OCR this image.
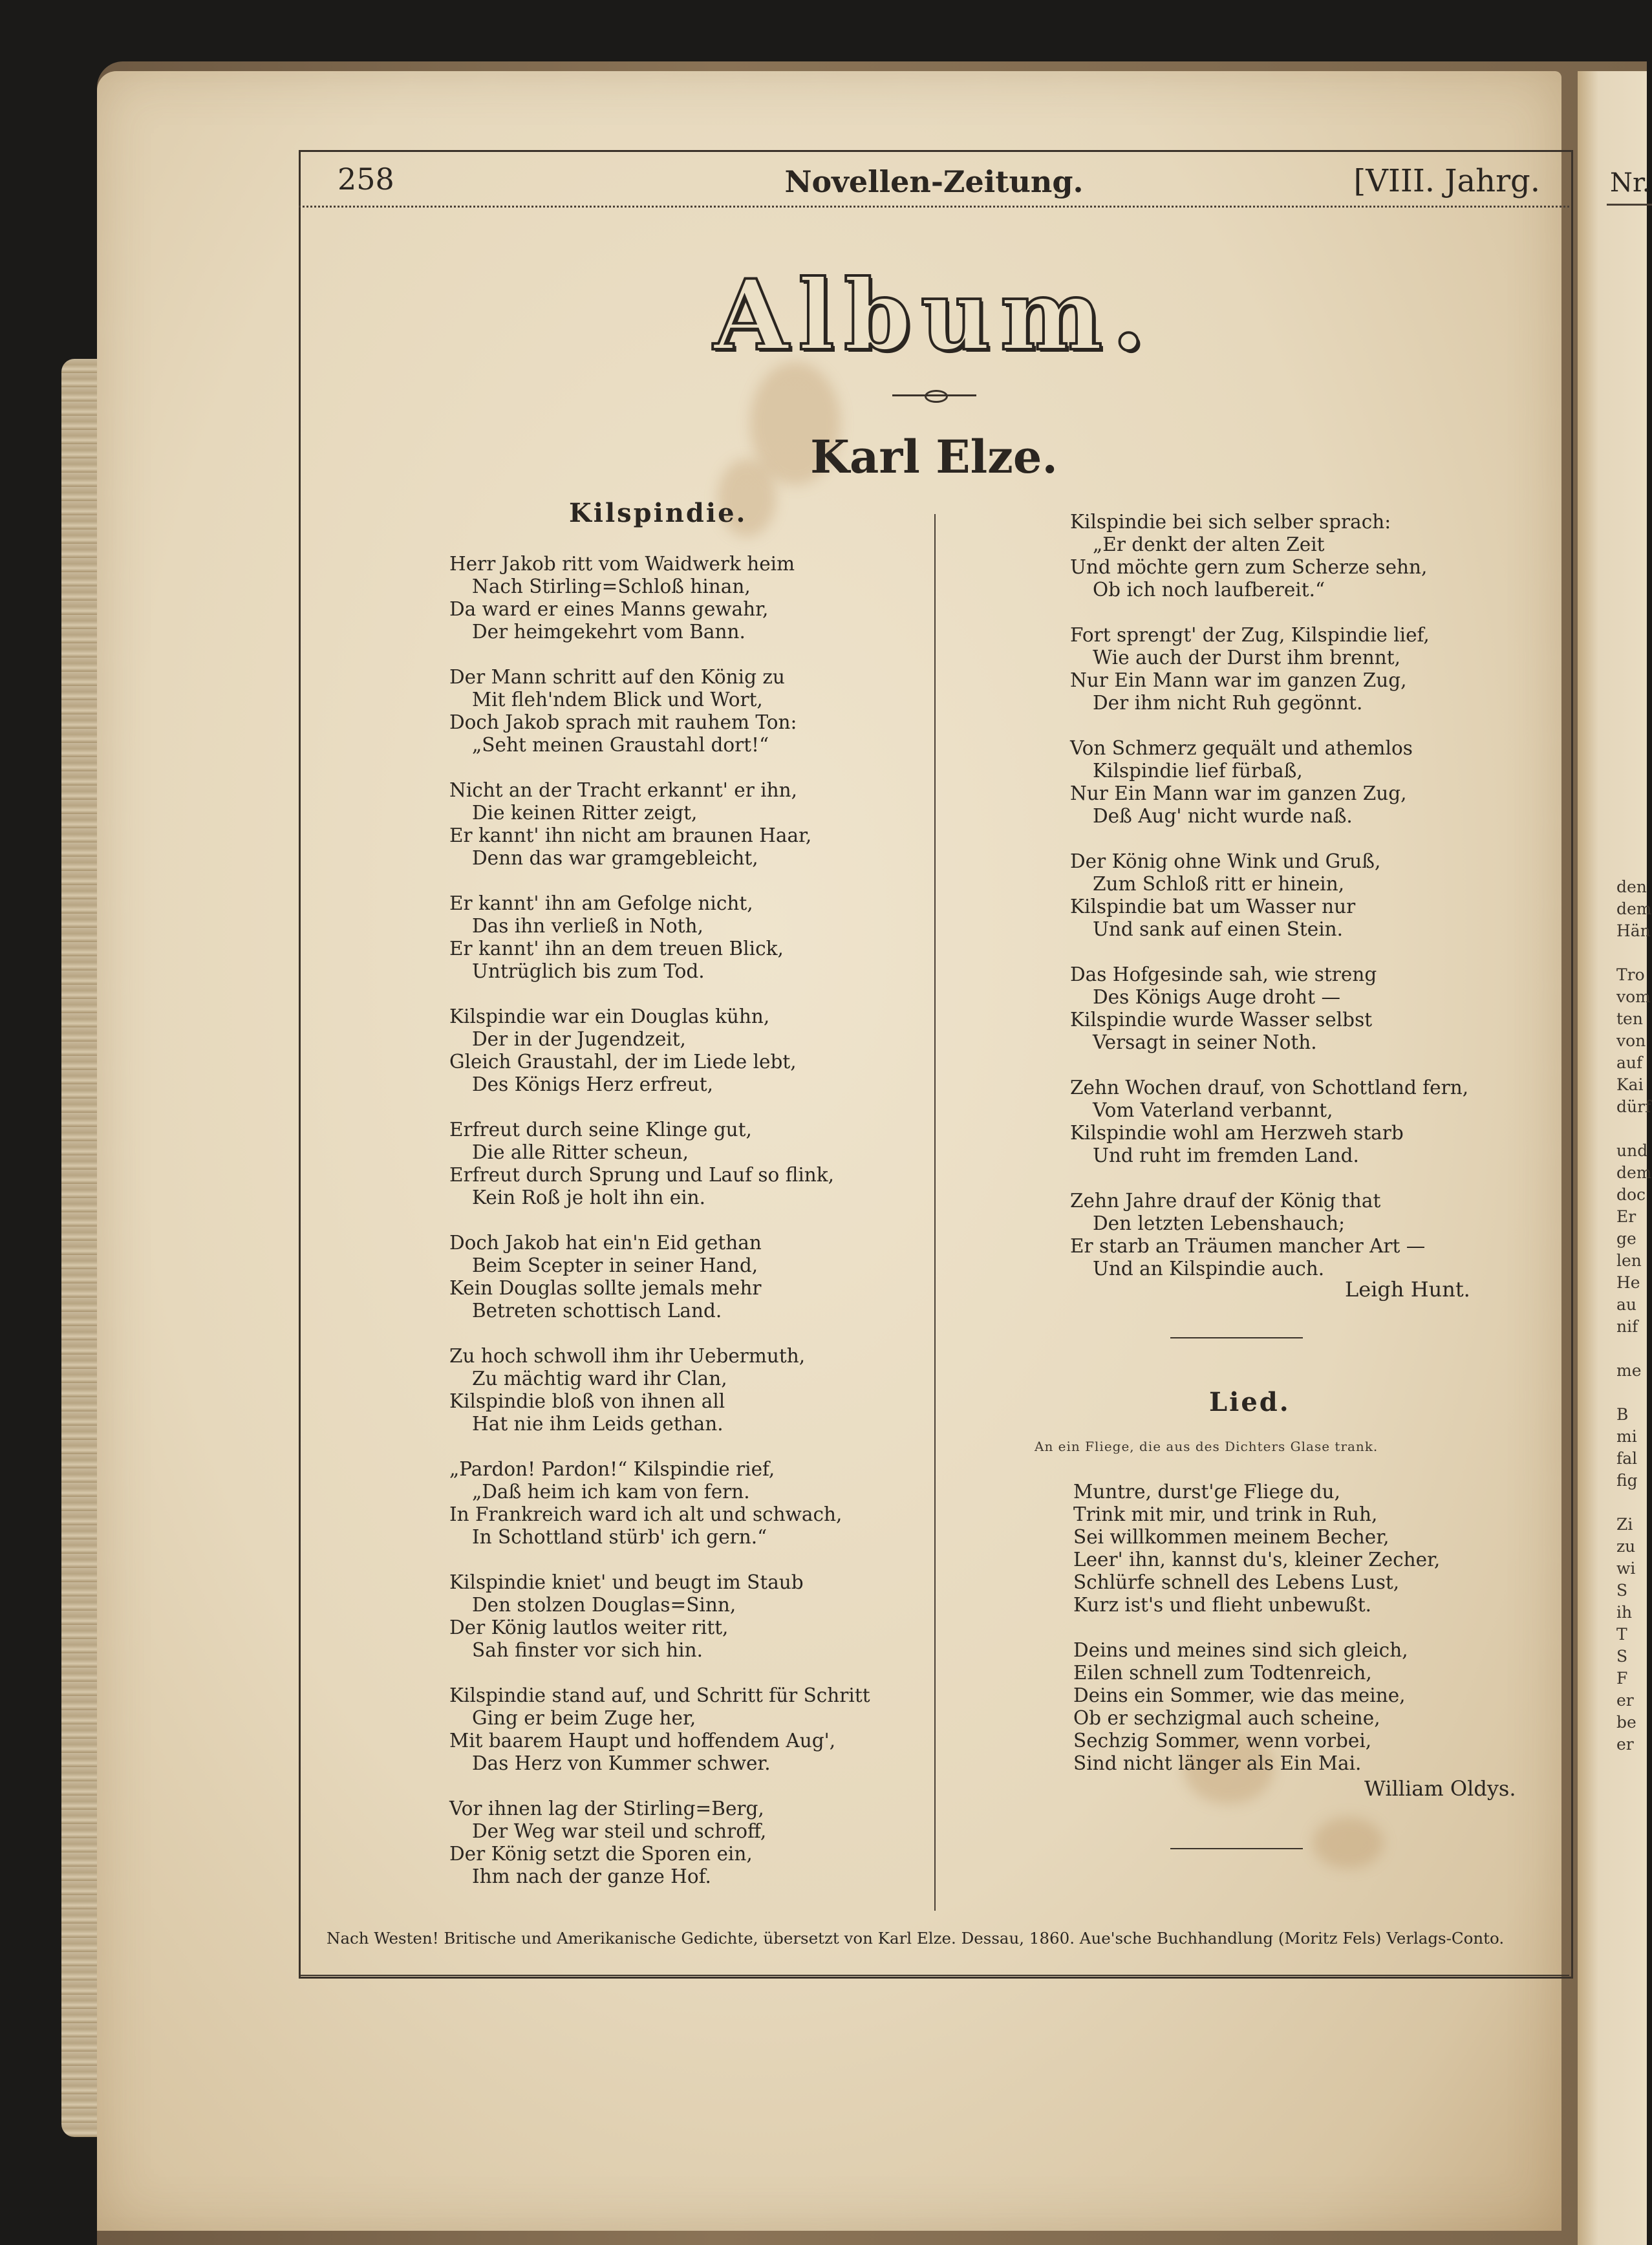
Nr.
den
dem
Hän
Tro
vom
ten
von
auf
Kai
dürf
und
dem
doc
Er
ge
len
He
au
nif
me
B
mi
fal
fig
Zi
zu
wi
S
ih
T
S
F
er
be
er
258	Novellen-Zeitung.	[VIII. Jahrg.
Album.
Karl Elze.
Kilspindie.
Herr Jakob ritt vom Waidwerk heim
Nach Stirling=Schloß hinan,
Da ward er eines Manns gewahr,
Der heimgekehrt vom Bann.
Der Mann schritt auf den König zu
Mit fleh'ndem Blick und Wort,
Doch Jakob sprach mit rauhem Ton:
„Seht meinen Graustahl dort!“
Nicht an der Tracht erkannt' er ihn,
Die keinen Ritter zeigt,
Er kannt' ihn nicht am braunen Haar,
Denn das war gramgebleicht,
Er kannt' ihn am Gefolge nicht,
Das ihn verließ in Noth,
Er kannt' ihn an dem treuen Blick,
Untrüglich bis zum Tod.
Kilspindie war ein Douglas kühn,
Der in der Jugendzeit,
Gleich Graustahl, der im Liede lebt,
Des Königs Herz erfreut,
Erfreut durch seine Klinge gut,
Die alle Ritter scheun,
Erfreut durch Sprung und Lauf so flink,
Kein Roß je holt ihn ein.
Doch Jakob hat ein'n Eid gethan
Beim Scepter in seiner Hand,
Kein Douglas sollte jemals mehr
Betreten schottisch Land.
Zu hoch schwoll ihm ihr Uebermuth,
Zu mächtig ward ihr Clan,
Kilspindie bloß von ihnen all
Hat nie ihm Leids gethan.
„Pardon! Pardon!“ Kilspindie rief,
„Daß heim ich kam von fern.
In Frankreich ward ich alt und schwach,
In Schottland stürb' ich gern.“
Kilspindie kniet' und beugt im Staub
Den stolzen Douglas=Sinn,
Der König lautlos weiter ritt,
Sah finster vor sich hin.
Kilspindie stand auf, und Schritt für Schritt
Ging er beim Zuge her,
Mit baarem Haupt und hoffendem Aug',
Das Herz von Kummer schwer.
Vor ihnen lag der Stirling=Berg,
Der Weg war steil und schroff,
Der König setzt die Sporen ein,
Ihm nach der ganze Hof.
Kilspindie bei sich selber sprach:
„Er denkt der alten Zeit
Und möchte gern zum Scherze sehn,
Ob ich noch laufbereit.“
Fort sprengt' der Zug, Kilspindie lief,
Wie auch der Durst ihm brennt,
Nur Ein Mann war im ganzen Zug,
Der ihm nicht Ruh gegönnt.
Von Schmerz gequält und athemlos
Kilspindie lief fürbaß,
Nur Ein Mann war im ganzen Zug,
Deß Aug' nicht wurde naß.
Der König ohne Wink und Gruß,
Zum Schloß ritt er hinein,
Kilspindie bat um Wasser nur
Und sank auf einen Stein.
Das Hofgesinde sah, wie streng
Des Königs Auge droht —
Kilspindie wurde Wasser selbst
Versagt in seiner Noth.
Zehn Wochen drauf, von Schottland fern,
Vom Vaterland verbannt,
Kilspindie wohl am Herzweh starb
Und ruht im fremden Land.
Zehn Jahre drauf der König that
Den letzten Lebenshauch;
Er starb an Träumen mancher Art —
Und an Kilspindie auch.
Leigh Hunt.
Lied.
An ein Fliege, die aus des Dichters Glase trank.
Muntre, durst'ge Fliege du,
Trink mit mir, und trink in Ruh,
Sei willkommen meinem Becher,
Leer' ihn, kannst du's, kleiner Zecher,
Schlürfe schnell des Lebens Lust,
Kurz ist's und flieht unbewußt.
Deins und meines sind sich gleich,
Eilen schnell zum Todtenreich,
Deins ein Sommer, wie das meine,
Ob er sechzigmal auch scheine,
Sechzig Sommer, wenn vorbei,
Sind nicht länger als Ein Mai.
William Oldys.
Nach Westen! Britische und Amerikanische Gedichte, übersetzt von Karl Elze. Dessau, 1860. Aue'sche Buchhandlung (Moritz Fels) Verlags-Conto.
